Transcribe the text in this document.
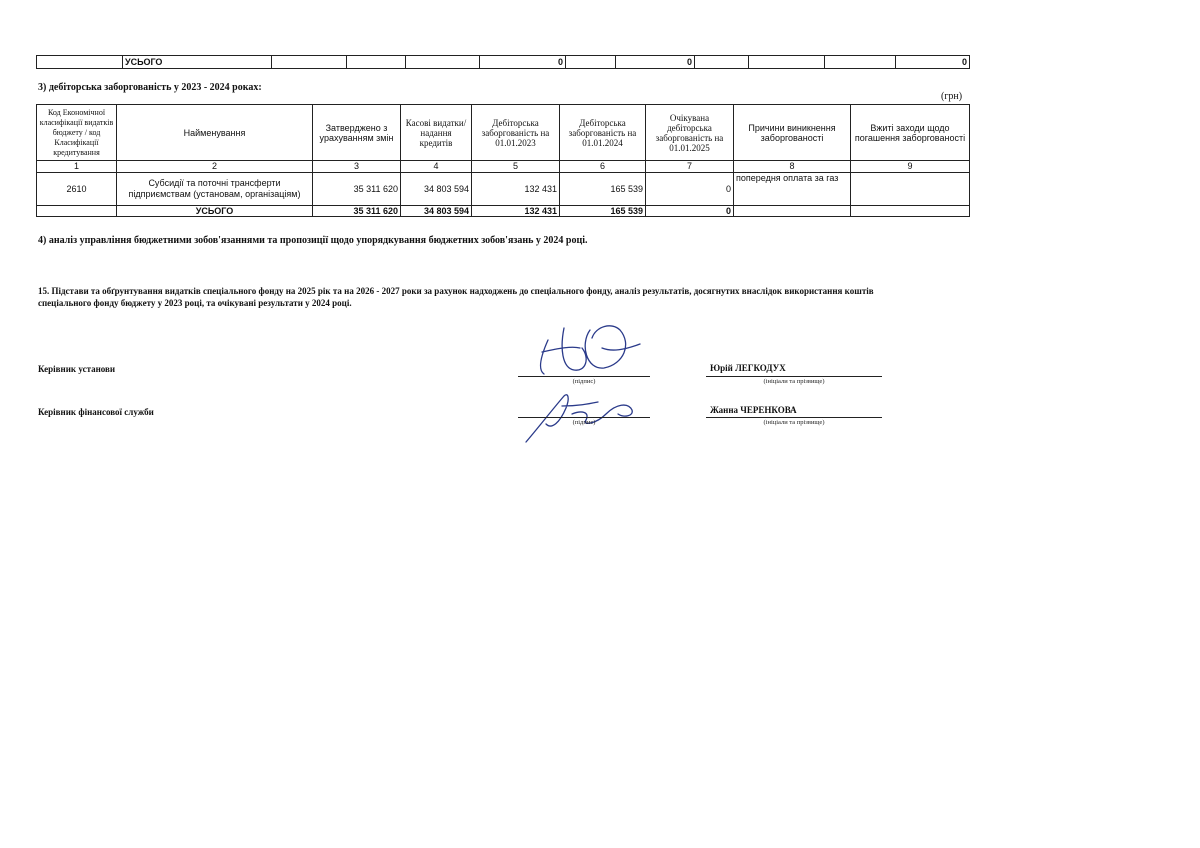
	УСЬОГО				0		0				0
3) дебіторська заборгованість у 2023 - 2024 роках:
(грн)
Код Економічної класифікації видатків бюджету / код Класифікації кредитування	Найменування	Затверджено з урахуванням змін	Касові видатки/ надання кредитів	Дебіторська заборгованість на 01.01.2023	Дебіторська заборгованість на 01.01.2024	Очікувана дебіторська заборгованість на 01.01.2025	Причини виникнення заборгованості	Вжиті заходи щодо погашення заборгованості
1	2	3	4	5	6	7	8	9
2610	Субсидії та поточні трансферти підприємствам (установам, організаціям)	35 311 620	34 803 594	132 431	165 539	0	попередня оплата за газ	
	УСЬОГО	35 311 620	34 803 594	132 431	165 539	0		
4) аналіз управління бюджетними зобов'язаннями та пропозиції щодо упорядкування бюджетних зобов'язань у 2024 році.
15. Підстави та обґрунтування видатків спеціального фонду на 2025 рік та на 2026 - 2027 роки за рахунок надходжень до спеціального фонду, аналіз результатів, досягнутих внаслідок використання коштів спеціального фонду бюджету у 2023 році, та очікувані результати у 2024 році.
Керівник установи
(підпис)
Юрій ЛЕГКОДУХ
(ініціали та прізвище)
Керівник фінансової служби
(підпис)
Жанна ЧЕРЕНКОВА
(ініціали та прізвище)
